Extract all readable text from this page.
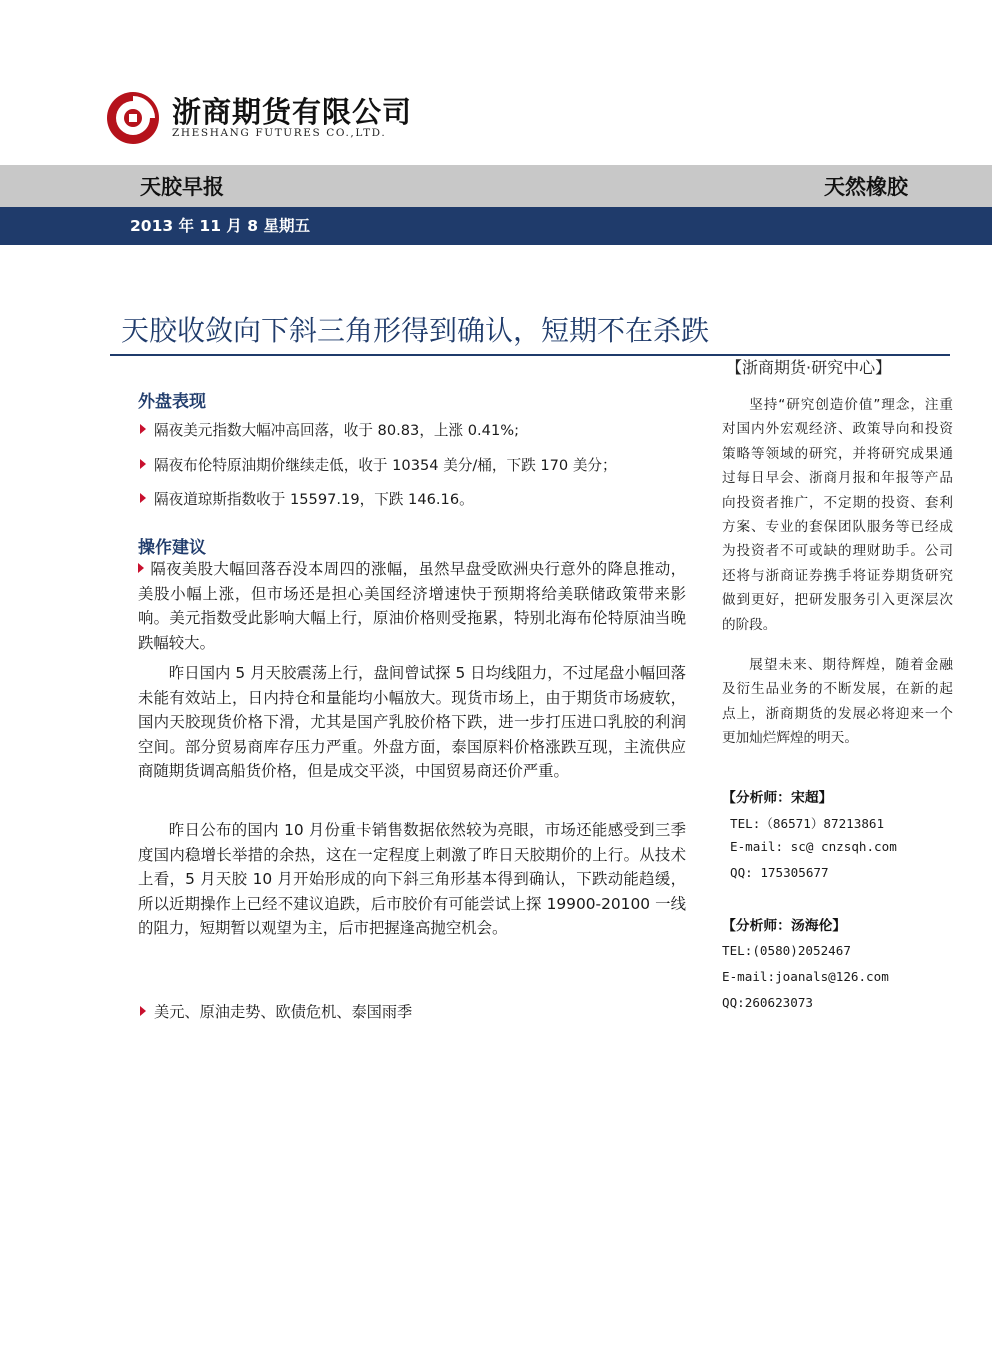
浙商期货有限公司
ZHESHANG FUTURES CO.,LTD.
天胶早报	天然橡胶
2013 年 11 月 8 星期五
天胶收敛向下斜三角形得到确认，短期不在杀跌
【浙商期货·研究中心】
外盘表现
隔夜美元指数大幅冲高回落，收于 80.83，上涨 0.41%;
隔夜布伦特原油期价继续走低，收于 10354 美分/桶，下跌 170 美分；
隔夜道琼斯指数收于 15597.19，下跌 146.16。
操作建议
隔夜美股大幅回落吞没本周四的涨幅，虽然早盘受欧洲央行意外的降息推动，美股小幅上涨，但市场还是担心美国经济增速快于预期将给美联储政策带来影响。美元指数受此影响大幅上行，原油价格则受拖累，特别北海布伦特原油当晚跌幅较大。
昨日国内 5 月天胶震荡上行，盘间曾试探 5 日均线阻力，不过尾盘小幅回落未能有效站上，日内持仓和量能均小幅放大。现货市场上，由于期货市场疲软，国内天胶现货价格下滑，尤其是国产乳胶价格下跌，进一步打压进口乳胶的利润空间。部分贸易商库存压力严重。外盘方面，泰国原料价格涨跌互现，主流供应商随期货调高船货价格，但是成交平淡，中国贸易商还价严重。
昨日公布的国内 10 月份重卡销售数据依然较为亮眼，市场还能感受到三季度国内稳增长举措的余热，这在一定程度上刺激了昨日天胶期价的上行。从技术上看，5 月天胶 10 月开始形成的向下斜三角形基本得到确认，下跌动能趋缓，所以近期操作上已经不建议追跌，后市胶价有可能尝试上探 19900-20100 一线的阻力，短期暂以观望为主，后市把握逢高抛空机会。
美元、原油走势、欧债危机、泰国雨季
坚持“研究创造价值”理念，注重对国内外宏观经济、政策导向和投资策略等领域的研究，并将研究成果通过每日早会、浙商月报和年报等产品向投资者推广，不定期的投资、套利方案、专业的套保团队服务等已经成为投资者不可或缺的理财助手。公司还将与浙商证券携手将证券期货研究做到更好，把研发服务引入更深层次的阶段。
展望未来、期待辉煌，随着金融及衍生品业务的不断发展，在新的起点上，浙商期货的发展必将迎来一个更加灿烂辉煌的明天。
【分析师：宋超】
TEL:（86571）87213861
E-mail: sc@ cnzsqh.com
QQ: 175305677
【分析师：汤海伦】
TEL:(0580)2052467
E-mail:joanals@126.com
QQ:260623073
